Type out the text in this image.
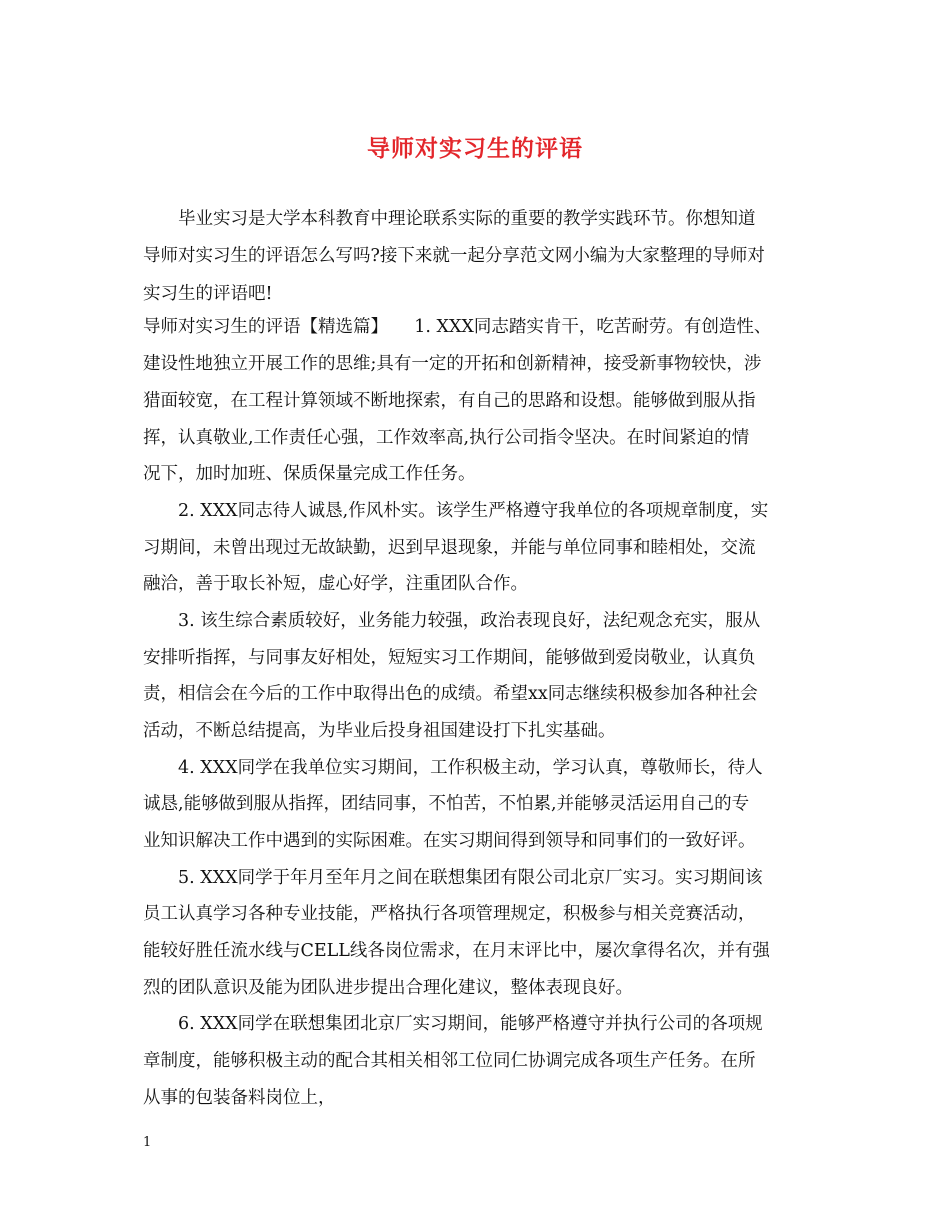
导师对实习生的评语
　　毕业实习是大学本科教育中理论联系实际的重要的教学实践环节。你想知道
导师对实习生的评语怎么写吗?接下来就一起分享范文网小编为大家整理的导师对
实习生的评语吧!
导师对实习生的评语【精选篇】　　1. XXX同志踏实肯干，吃苦耐劳。有创造性、
建设性地独立开展工作的思维;具有一定的开拓和创新精神，接受新事物较快，涉
猎面较宽，在工程计算领域不断地探索，有自己的思路和设想。能够做到服从指
挥，认真敬业,工作责任心强，工作效率高,执行公司指令坚决。在时间紧迫的情
况下，加时加班、保质保量完成工作任务。
　　2. XXX同志待人诚恳,作风朴实。该学生严格遵守我单位的各项规章制度，实
习期间，未曾出现过无故缺勤，迟到早退现象，并能与单位同事和睦相处，交流
融洽，善于取长补短，虚心好学，注重团队合作。
　　3. 该生综合素质较好，业务能力较强，政治表现良好，法纪观念充实，服从
安排听指挥，与同事友好相处，短短实习工作期间，能够做到爱岗敬业，认真负
责，相信会在今后的工作中取得出色的成绩。希望xx同志继续积极参加各种社会
活动，不断总结提高，为毕业后投身祖国建设打下扎实基础。
　　4. XXX同学在我单位实习期间，工作积极主动，学习认真，尊敬师长，待人
诚恳,能够做到服从指挥，团结同事，不怕苦，不怕累,并能够灵活运用自己的专
业知识解决工作中遇到的实际困难。在实习期间得到领导和同事们的一致好评。
　　5. XXX同学于年月至年月之间在联想集团有限公司北京厂实习。实习期间该
员工认真学习各种专业技能，严格执行各项管理规定，积极参与相关竞赛活动，
能较好胜任流水线与CELL线各岗位需求，在月末评比中，屡次拿得名次，并有强
烈的团队意识及能为团队进步提出合理化建议，整体表现良好。
　　6. XXX同学在联想集团北京厂实习期间，能够严格遵守并执行公司的各项规
章制度，能够积极主动的配合其相关相邻工位同仁协调完成各项生产任务。在所
从事的包装备料岗位上，
1
